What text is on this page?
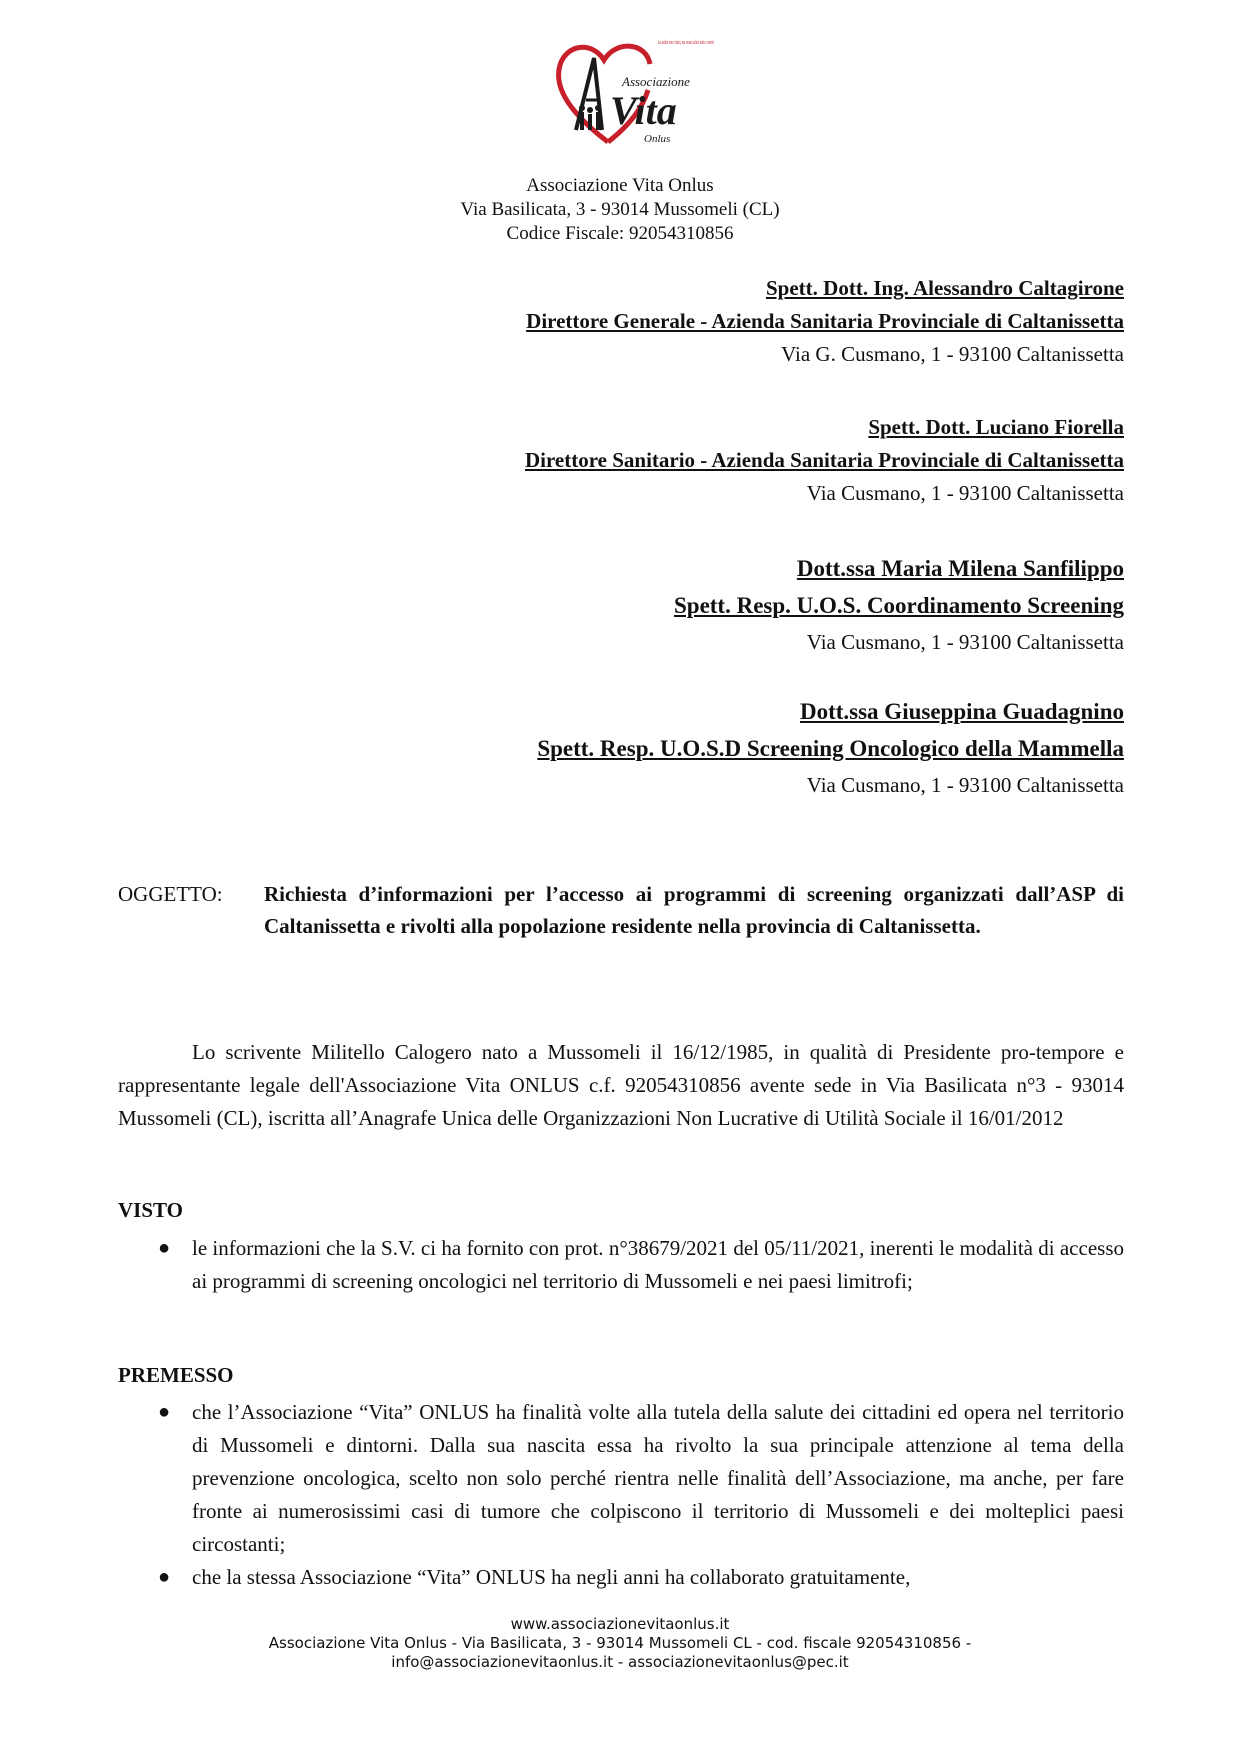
Associazione
Vita
Onlus
La salute non è tutto, ma senza salute tutto è niente
Associazione Vita Onlus
Via Basilicata, 3 - 93014 Mussomeli (CL)
Codice Fiscale: 92054310856
Spett. Dott. Ing. Alessandro Caltagirone
Direttore Generale - Azienda Sanitaria Provinciale di Caltanissetta
Via G. Cusmano, 1 - 93100 Caltanissetta
Spett. Dott. Luciano Fiorella
Direttore Sanitario - Azienda Sanitaria Provinciale di Caltanissetta
Via Cusmano, 1 - 93100 Caltanissetta
Dott.ssa Maria Milena Sanfilippo
Spett. Resp. U.O.S. Coordinamento Screening
Via Cusmano, 1 - 93100 Caltanissetta
Dott.ssa Giuseppina Guadagnino
Spett. Resp. U.O.S.D Screening Oncologico della Mammella
Via Cusmano, 1 - 93100 Caltanissetta
OGGETTO: Richiesta d’informazioni per l’accesso ai programmi di screening organizzati dall’ASP di Caltanissetta e rivolti alla popolazione residente nella provincia di Caltanissetta.
Lo scrivente Militello Calogero nato a Mussomeli il 16/12/1985, in qualità di Presidente pro-tempore e rappresentante legale dell'Associazione Vita ONLUS c.f. 92054310856 avente sede in Via Basilicata n°3 - 93014 Mussomeli (CL), iscritta all’Anagrafe Unica delle Organizzazioni Non Lucrative di Utilità Sociale il 16/01/2012
VISTO
● le informazioni che la S.V. ci ha fornito con prot. n°38679/2021 del 05/11/2021, inerenti le modalità di accesso ai programmi di screening oncologici nel territorio di Mussomeli e nei paesi limitrofi;
PREMESSO
● che l’Associazione “Vita” ONLUS ha finalità volte alla tutela della salute dei cittadini ed opera nel territorio di Mussomeli e dintorni. Dalla sua nascita essa ha rivolto la sua principale attenzione al tema della prevenzione oncologica, scelto non solo perché rientra nelle finalità dell’Associazione, ma anche, per fare fronte ai numerosissimi casi di tumore che colpiscono il territorio di Mussomeli e dei molteplici paesi circostanti;
● che la stessa Associazione “Vita” ONLUS ha negli anni ha collaborato gratuitamente,
www.associazionevitaonlus.it
Associazione Vita Onlus - Via Basilicata, 3 - 93014 Mussomeli CL - cod. fiscale 92054310856 -
info@associazionevitaonlus.it - associazionevitaonlus@pec.it
